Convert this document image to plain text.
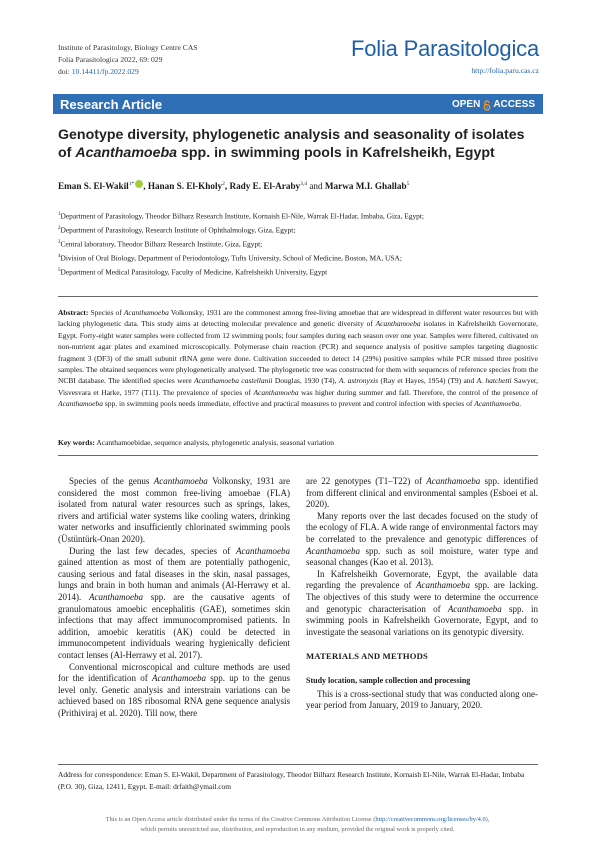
Institute of Parasitology, Biology Centre CAS
Folia Parasitologica 2022, 69: 029
doi: 10.14411/fp.2022.029
Folia Parasitologica
http://folia.paru.cas.cz
Research Article	OPEN ACCESS
Genotype diversity, phylogenetic analysis and seasonality of isolates
of Acanthamoeba spp. in swimming pools in Kafrelsheikh, Egypt
Eman S. El-Wakil$^{1*}$ , Hanan S. El-Kholy$^2$, Rady E. El-Araby$^{3,4}$ and Marwa M.I. Ghallab$^5$
$^1$Department of Parasitology, Theodor Bilharz Research Institute, Kornaish El-Nile, Warrak El-Hadar, Imbaba, Giza, Egypt;
$^2$Department of Parasitology, Research Institute of Ophthalmology, Giza, Egypt;
$^3$Central laboratory, Theodor Bilharz Research Institute, Giza, Egypt;
$^4$Division of Oral Biology, Department of Periodontology, Tufts University, School of Medicine, Boston, MA, USA;
$^5$Department of Medical Parasitology, Faculty of Medicine, Kafrelsheikh University, Egypt
Abstract: Species of Acanthamoeba Volkonsky, 1931 are the commonest among free-living amoebae that are widespread in different water resources but with lacking phylogenetic data. This study aims at detecting molecular prevalence and genetic diversity of Acanthamoeba isolates in Kafrelsheikh Governorate, Egypt. Forty-eight water samples were collected from 12 swimming pools; four samples during each season over one year. Samples were filtered, cultivated on non-nutrient agar plates and examined microscopically. Polymerase chain reaction (PCR) and sequence analysis of positive samples targeting diagnostic fragment 3 (DF3) of the small subunit rRNA gene were done. Cultivation succeeded to detect 14 (29%) positive samples while PCR missed three positive samples. The obtained sequences were phylogenetically analysed. The phylogenetic tree was constructed for them with sequences of reference species from the NCBI database. The identified species were Acanthamoeba castellanii Douglas, 1930 (T4), A. astronyxis (Ray et Hayes, 1954) (T9) and A. hatchetti Sawyer, Visvesvara et Harke, 1977 (T11). The prevalence of species of Acanthamoeba was higher during summer and fall. Therefore, the control of the presence of Acanthamoeba spp. in swimming pools needs immediate, effective and practical measures to prevent and control infection with species of Acanthamoeba.
Key words: Acanthamoebidae, sequence analysis, phylogenetic analysis, seasonal variation

Species of the genus Acanthamoeba Volkonsky, 1931 are considered the most common free-living amoebae (FLA) isolated from natural water resources such as springs, lakes, rivers and artificial water systems like cooling waters, drinking water networks and insufficiently chlorinated swimming pools (Üstüntürk-Onan 2020).

During the last few decades, species of Acanthamoeba gained attention as most of them are potentially pathogenic, causing serious and fatal diseases in the skin, nasal passages, lungs and brain in both human and animals (Al-Herrawy et al. 2014). Acanthamoeba spp. are the causative agents of granulomatous amoebic encephalitis (GAE), sometimes skin infections that may affect immunocompromised patients. In addition, amoebic keratitis (AK) could be detected in immunocompetent individuals wearing hygienically deficient contact lenses (Al-Herrawy et al. 2017).

Conventional microscopical and culture methods are used for the identification of Acanthamoeba spp. up to the genus level only. Genetic analysis and interstrain variations can be achieved based on 18S ribosomal RNA gene sequence analysis (Prithiviraj et al. 2020). Till now, there

are 22 genotypes (T1–T22) of Acanthamoeba spp. identified from different clinical and environmental samples (Esboei et al. 2020).

Many reports over the last decades focused on the study of the ecology of FLA. A wide range of environmental factors may be correlated to the prevalence and genotypic differences of Acanthamoeba spp. such as soil moisture, water type and seasonal changes (Kao et al. 2013).

In Kafrelsheikh Governorate, Egypt, the available data regarding the prevalence of Acanthamoeba spp. are lacking. The objectives of this study were to determine the occurrence and genotypic characterisation of Acanthamoeba spp. in swimming pools in Kafrelsheikh Governorate, Egypt, and to investigate the seasonal variations on its genotypic diversity.

MATERIALS AND METHODS
Study location, sample collection and processing

This is a cross-sectional study that was conducted along one-year period from January, 2019 to January, 2020.

Address for correspondence: Eman S. El-Wakil, Department of Parasitology, Theodor Bilharz Research Institute, Kornaish El-Nile, Warrak El-Hadar, Imbaba (P.O. 30), Giza, 12411, Egypt. E-mail: drfaith@ymail.com
This is an Open Access article distributed under the terms of the Creative Commons Attribution License (http://creativecommons.org/licenses/by/4.0),
which permits unrestricted use, distribution, and reproduction in any medium, provided the original work is properly cited.
